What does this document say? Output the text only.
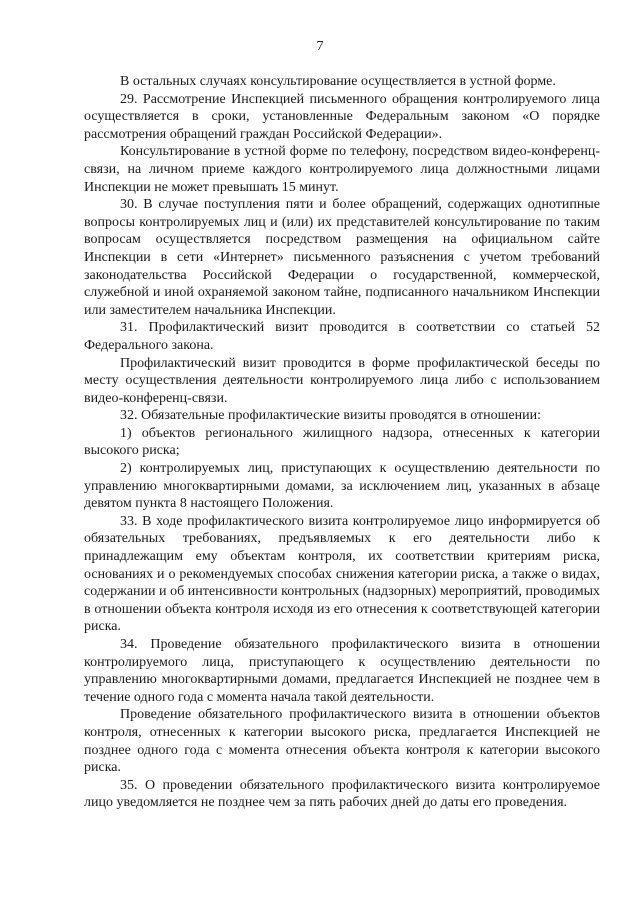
7

В остальных случаях консультирование осуществляется в устной форме.

29. Рассмотрение Инспекцией письменного обращения контролируемого лица осуществляется в сроки, установленные Федеральным законом «О порядке рассмотрения обращений граждан Российской Федерации».

Консультирование в устной форме по телефону, посредством видео-конференц-связи, на личном приеме каждого контролируемого лица должностными лицами Инспекции не может превышать 15 минут.

30. В случае поступления пяти и более обращений, содержащих однотипные вопросы контролируемых лиц и (или) их представителей консультирование по таким вопросам осуществляется посредством размещения на официальном сайте Инспекции в сети «Интернет» письменного разъяснения с учетом требований законодательства Российской Федерации о государственной, коммерческой, служебной и иной охраняемой законом тайне, подписанного начальником Инспекции или заместителем начальника Инспекции.

31. Профилактический визит проводится в соответствии со статьей 52 Федерального закона.

Профилактический визит проводится в форме профилактической беседы по месту осуществления деятельности контролируемого лица либо с использованием видео-конференц-связи.

32. Обязательные профилактические визиты проводятся в отношении:

1) объектов регионального жилищного надзора, отнесенных к категории высокого риска;

2) контролируемых лиц, приступающих к осуществлению деятельности по управлению многоквартирными домами, за исключением лиц, указанных в абзаце девятом пункта 8 настоящего Положения.

33. В ходе профилактического визита контролируемое лицо информируется об обязательных требованиях, предъявляемых к его деятельности либо к принадлежащим ему объектам контроля, их соответствии критериям риска, основаниях и о рекомендуемых способах снижения категории риска, а также о видах, содержании и об интенсивности контрольных (надзорных) мероприятий, проводимых в отношении объекта контроля исходя из его отнесения к соответствующей категории риска.

34. Проведение обязательного профилактического визита в отношении контролируемого лица, приступающего к осуществлению деятельности по управлению многоквартирными домами, предлагается Инспекцией не позднее чем в течение одного года с момента начала такой деятельности.

Проведение обязательного профилактического визита в отношении объектов контроля, отнесенных к категории высокого риска, предлагается Инспекцией не позднее одного года с момента отнесения объекта контроля к категории высокого риска.

35. О проведении обязательного профилактического визита контролируемое лицо уведомляется не позднее чем за пять рабочих дней до даты его проведения.
